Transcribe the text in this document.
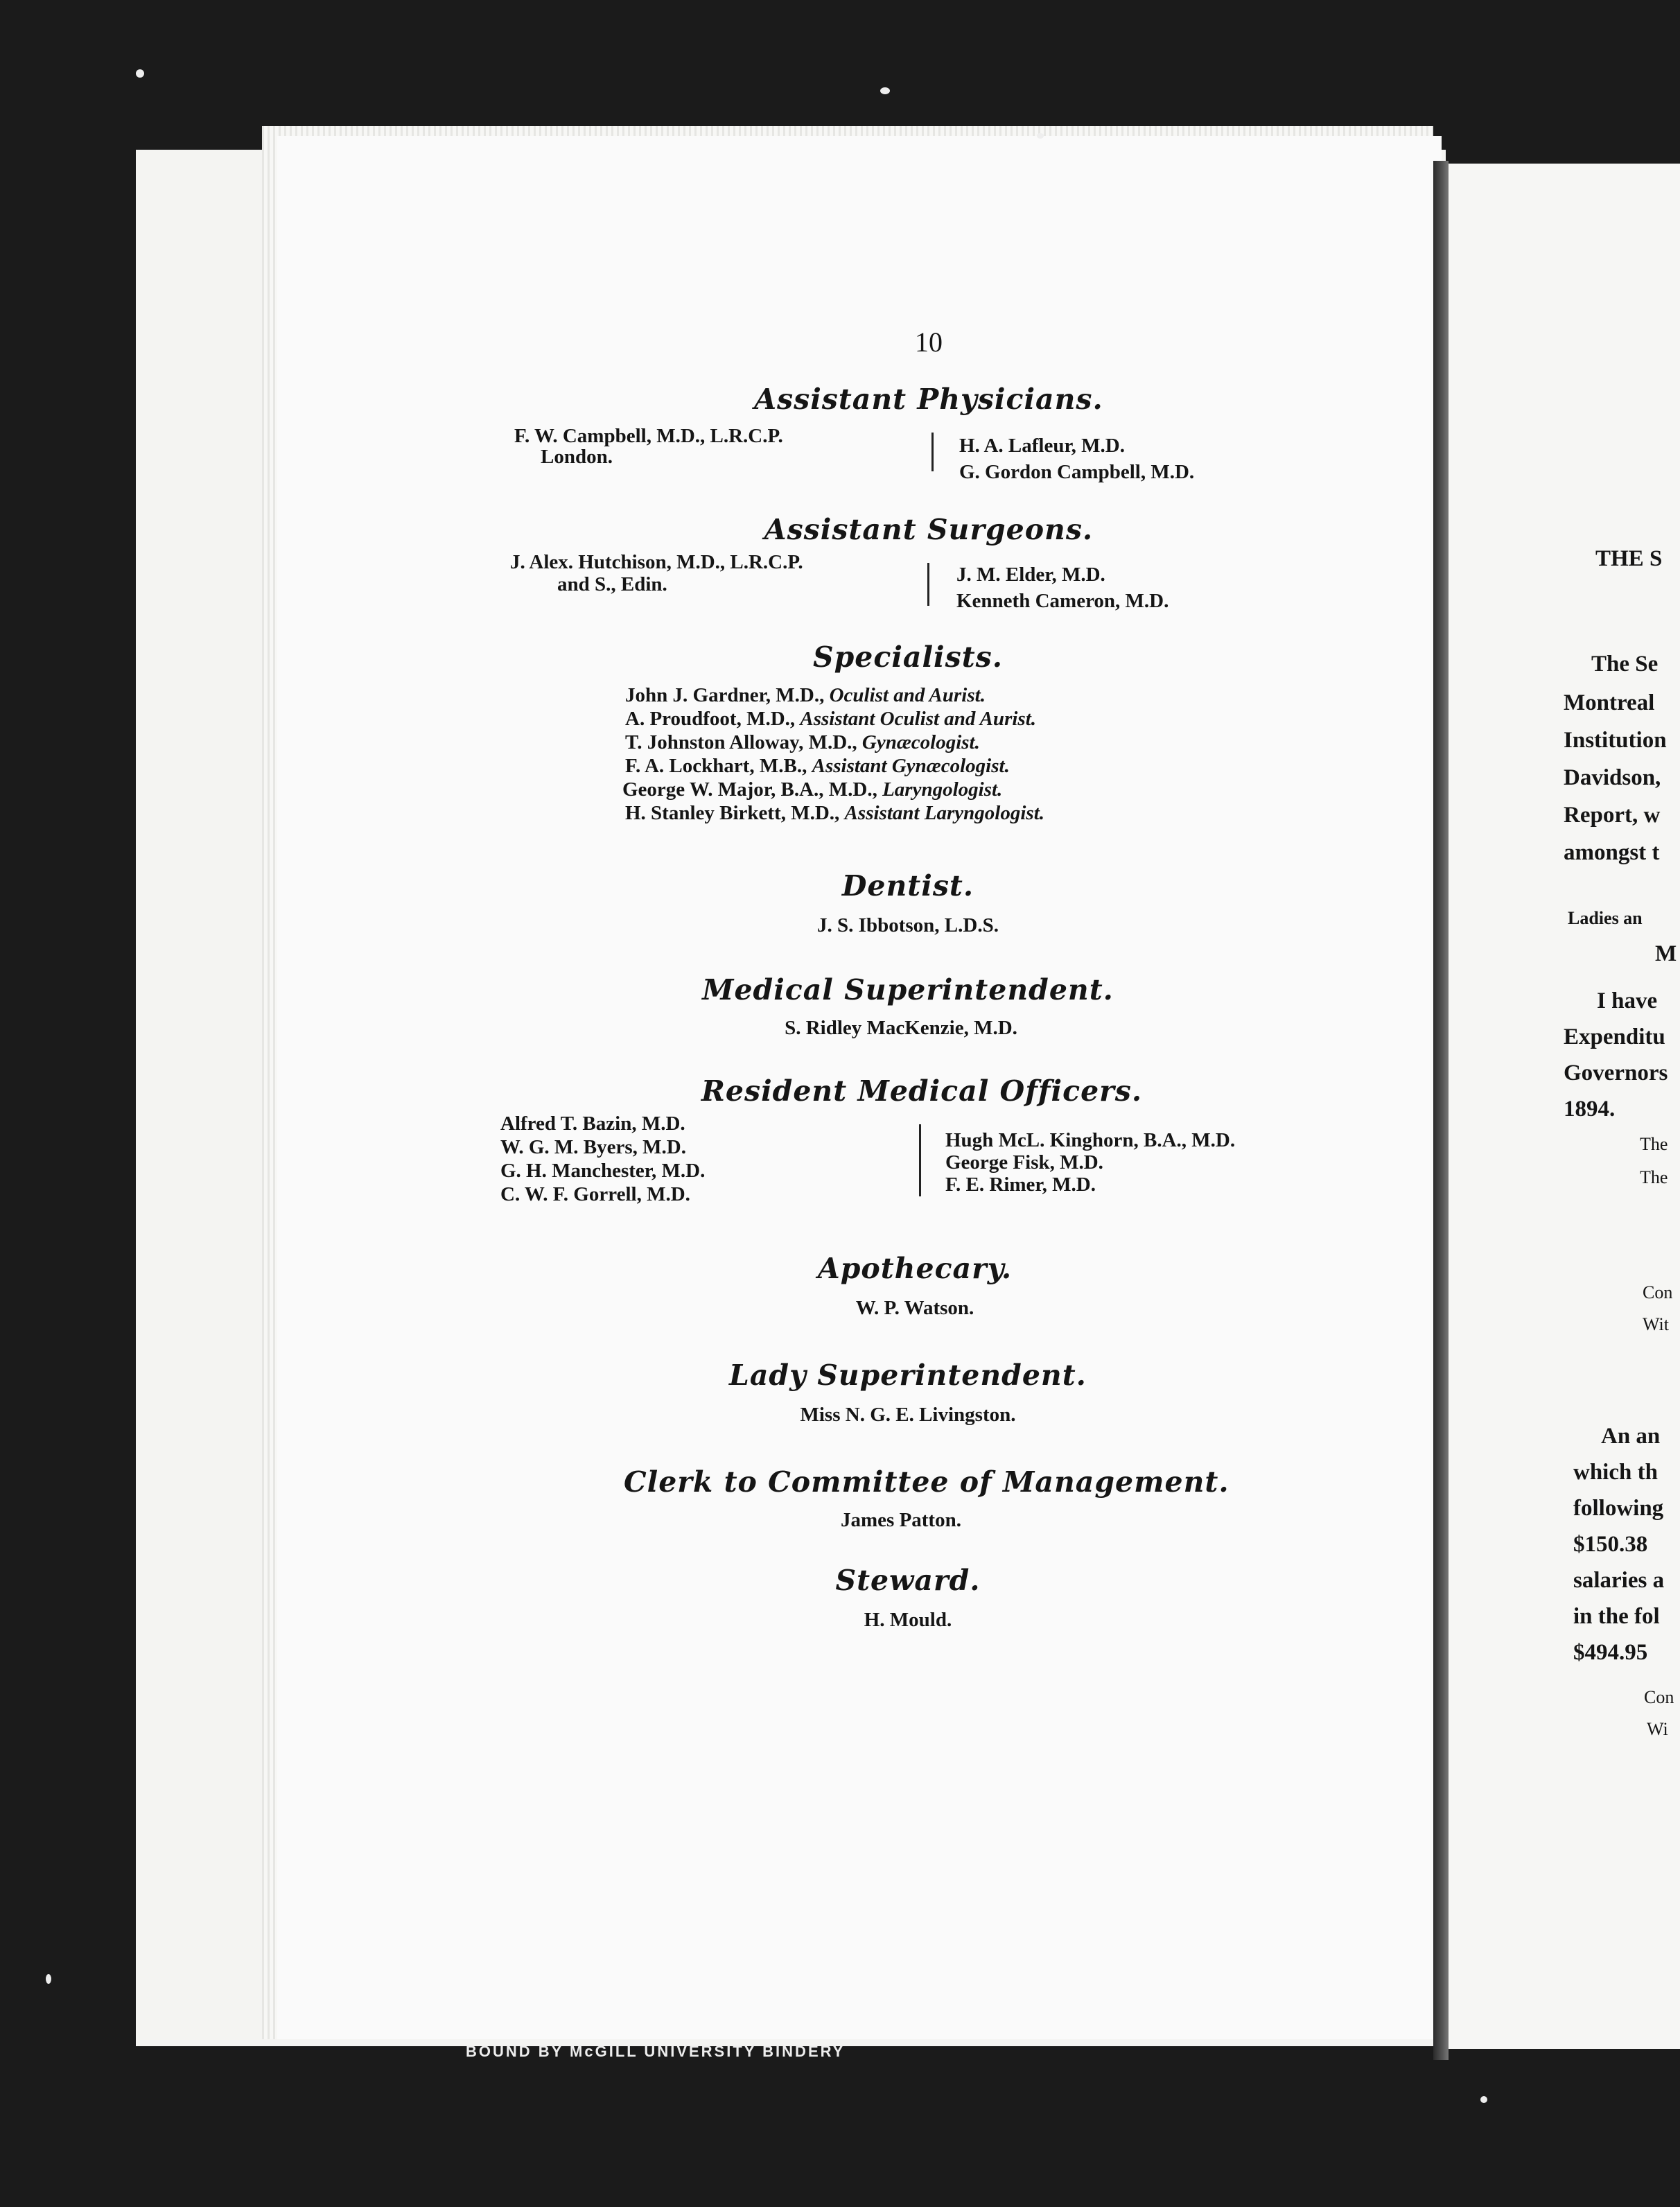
BOUND BY McGILL UNIVERSITY BINDERY
10
Assistant Physicians.
F. W. Campbell, M.D., L.R.C.P.
London.	H. A. Lafleur, M.D.
G. Gordon Campbell, M.D.
Assistant Surgeons.
J. Alex. Hutchison, M.D., L.R.C.P.
and S., Edin.	J. M. Elder, M.D.
Kenneth Cameron, M.D.
Specialists.
John J. Gardner, M.D., Oculist and Aurist.
A. Proudfoot, M.D., Assistant Oculist and Aurist.
T. Johnston Alloway, M.D., Gynæcologist.
F. A. Lockhart, M.B., Assistant Gynæcologist.
George W. Major, B.A., M.D., Laryngologist.
H. Stanley Birkett, M.D., Assistant Laryngologist.
Dentist.
J. S. Ibbotson, L.D.S.
Medical Superintendent.
S. Ridley MacKenzie, M.D.
Resident Medical Officers.
Alfred T. Bazin, M.D.
W. G. M. Byers, M.D.
G. H. Manchester, M.D.
C. W. F. Gorrell, M.D.
Hugh McL. Kinghorn, B.A., M.D.
George Fisk, M.D.
F. E. Rimer, M.D.
Apothecary.
W. P. Watson.
Lady Superintendent.
Miss N. G. E. Livingston.
Clerk to Committee of Management.
James Patton.
Steward.
H. Mould.
THE S
The Se
Montreal
Institution
Davidson,
Report, w
amongst t
Ladies an
M
I have
Expenditu
Governors
1894.
The
The
Con
Wit
An an
which th
following
$150.38
salaries a
in the fol
$494.95
Con
Wi
